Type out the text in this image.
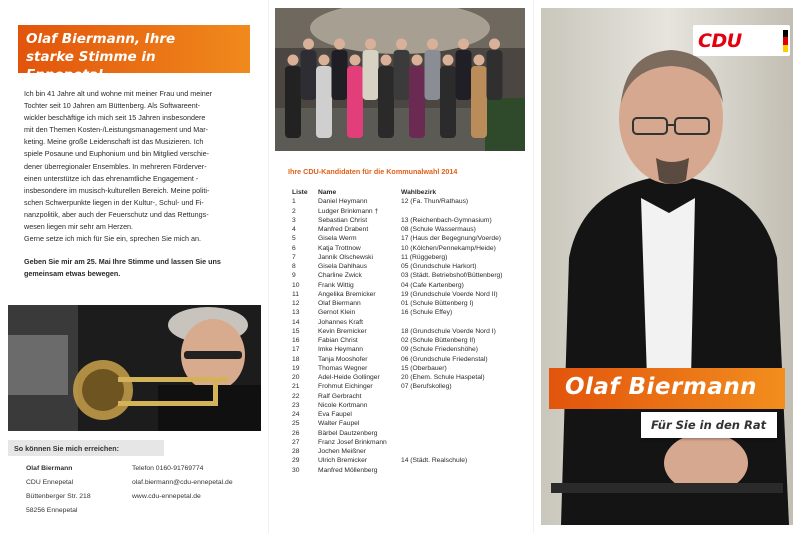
Olaf Biermann, Ihre
starke Stimme in Ennepetal.

Ich bin 41 Jahre alt und wohne mit meiner Frau und meiner
Tochter seit 10 Jahren am Büttenberg. Als Softwareent-
wickler beschäftige ich mich seit 15 Jahren insbesondere
mit den Themen Kosten-/Leistungsmanagement und Mar-
keting. Meine große Leidenschaft ist das Musizieren. Ich
spiele Posaune und Euphonium und bin Mitglied verschie-
dener überregionaler Ensembles. In mehreren Förderver-
einen unterstütze ich das ehrenamtliche Engagement -
insbesondere im musisch-kulturellen Bereich. Meine politi-
schen Schwerpunkte liegen in der Kultur-, Schul- und Fi-
nanzpolitik, aber auch der Feuerschutz und das Rettungs-
wesen liegen mir sehr am Herzen.
Gerne setze ich mich für Sie ein, sprechen Sie mich an.

Geben Sie mir am 25. Mai Ihre Stimme und lassen Sie uns
gemeinsam etwas bewegen.

So können Sie mich erreichen:
Olaf Biermann
CDU Ennepetal
Büttenberger Str. 218
58256 Ennepetal
Telefon 0160-91769774
olaf.biermann@cdu-ennepetal.de
www.cdu-ennepetal.de
Ihre CDU-Kandidaten für die Kommunalwahl 2014
Liste	Name	Wahlbezirk
1	Daniel Heymann	12 (Fa. Thun/Rathaus)
2	Ludger Brinkmann †
3	Sebastian Christ	13 (Reichenbach-Gymnasium)
4	Manfred Drabent	08 (Schule Wassermaus)
5	Gisela Werm	17 (Haus der Begegnung/Voerde)
6	Katja Trottnow	10 (Kölchen/Pennekamp/Heide)
7	Jannik Olschewski	11 (Rüggeberg)
8	Gisela Dahlhaus	05 (Grundschule Harkort)
9	Charline Zwick	03 (Städt. Betriebshof/Büttenberg)
10	Frank Wittig	04 (Cafe Kartenberg)
11	Angelika Bremicker	19 (Grundschule Voerde Nord II)
12	Olaf Biermann	01 (Schule Büttenberg I)
13	Gernot Klein	16 (Schule Effey)
14	Johannes Kraft
15	Kevin Bremicker	18 (Grundschule Voerde Nord I)
16	Fabian Christ	02 (Schule Büttenberg II)
17	Imke Heymann	09 (Schule Friedenshöhe)
18	Tanja Mooshofer	06 (Grundschule Friedenstal)
19	Thomas Wegner	15 (Oberbauer)
20	Adel-Heide Gollinger	20 (Ehem. Schule Haspetal)
21	Frohmut Eichinger	07 (Berufskolleg)
22	Ralf Gerbracht
23	Nicole Kortmann
24	Eva Faupel
25	Walter Faupel
26	Bärbel Dautzenberg
27	Franz Josef Brinkmann
28	Jochen Meißner
29	Ulrich Bremicker	14 (Städt. Realschule)
30	Manfred Möllenberg
CDU
Olaf Biermann
Für Sie in den Rat
